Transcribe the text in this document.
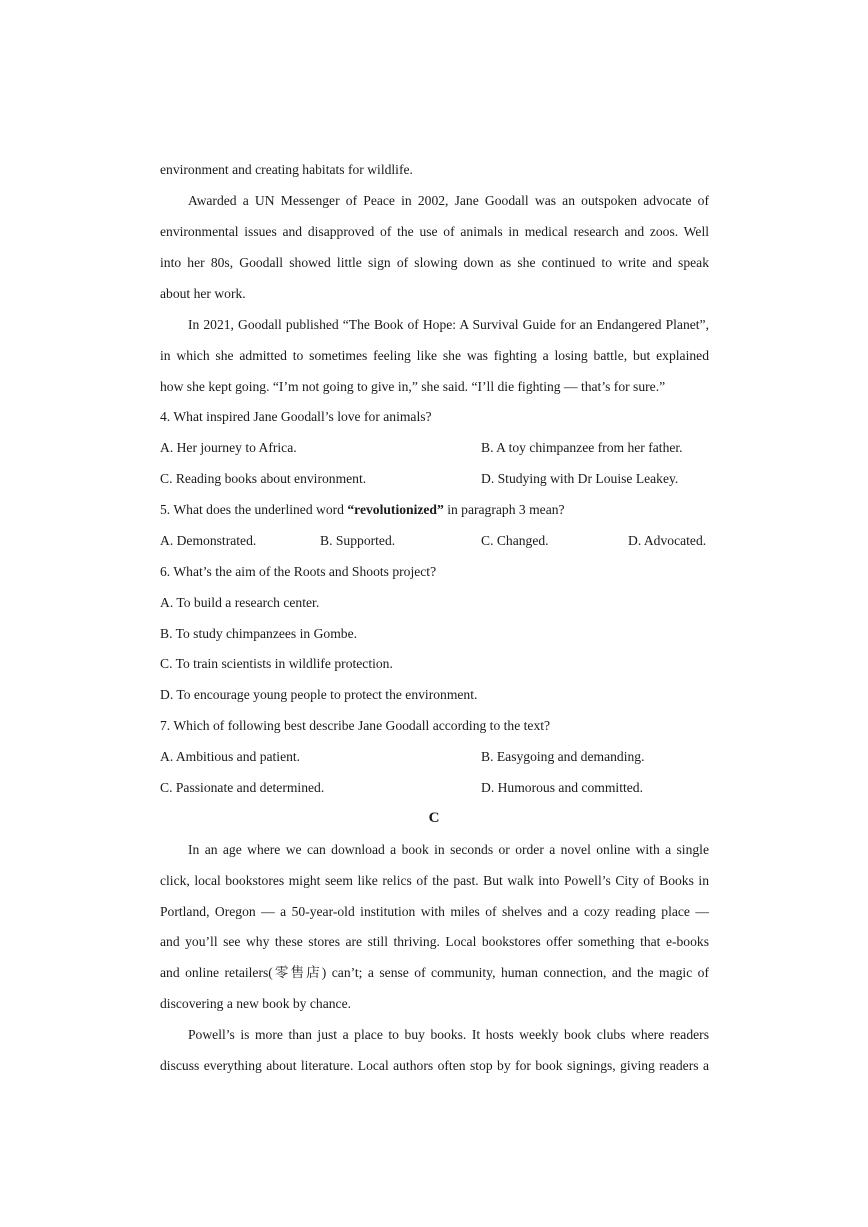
environment and creating habitats for wildlife.
Awarded a UN Messenger of Peace in 2002, Jane Goodall was an outspoken advocate of
environmental issues and disapproved of the use of animals in medical research and zoos. Well
into her 80s, Goodall showed little sign of slowing down as she continued to write and speak
about her work.
In 2021, Goodall published “The Book of Hope: A Survival Guide for an Endangered Planet”,
in which she admitted to sometimes feeling like she was fighting a losing battle, but explained
how she kept going. “I’m not going to give in,” she said. “I’ll die fighting — that’s for sure.”
4. What inspired Jane Goodall’s love for animals?
A. Her journey to Africa.	B. A toy chimpanzee from her father.
C. Reading books about environment.	D. Studying with Dr Louise Leakey.
5. What does the underlined word “revolutionized” in paragraph 3 mean?
A. Demonstrated.	B. Supported.	C. Changed.	D. Advocated.
6. What’s the aim of the Roots and Shoots project?
A. To build a research center.
B. To study chimpanzees in Gombe.
C. To train scientists in wildlife protection.
D. To encourage young people to protect the environment.
7. Which of following best describe Jane Goodall according to the text?
A. Ambitious and patient.	B. Easygoing and demanding.
C. Passionate and determined.	D. Humorous and committed.
C
In an age where we can download a book in seconds or order a novel online with a single
click, local bookstores might seem like relics of the past. But walk into Powell’s City of Books in
Portland, Oregon — a 50-year-old institution with miles of shelves and a cozy reading place —
and you’ll see why these stores are still thriving. Local bookstores offer something that e-books
and online retailers(零售店) can’t; a sense of community, human connection, and the magic of
discovering a new book by chance.
Powell’s is more than just a place to buy books. It hosts weekly book clubs where readers
discuss everything about literature. Local authors often stop by for book signings, giving readers a
